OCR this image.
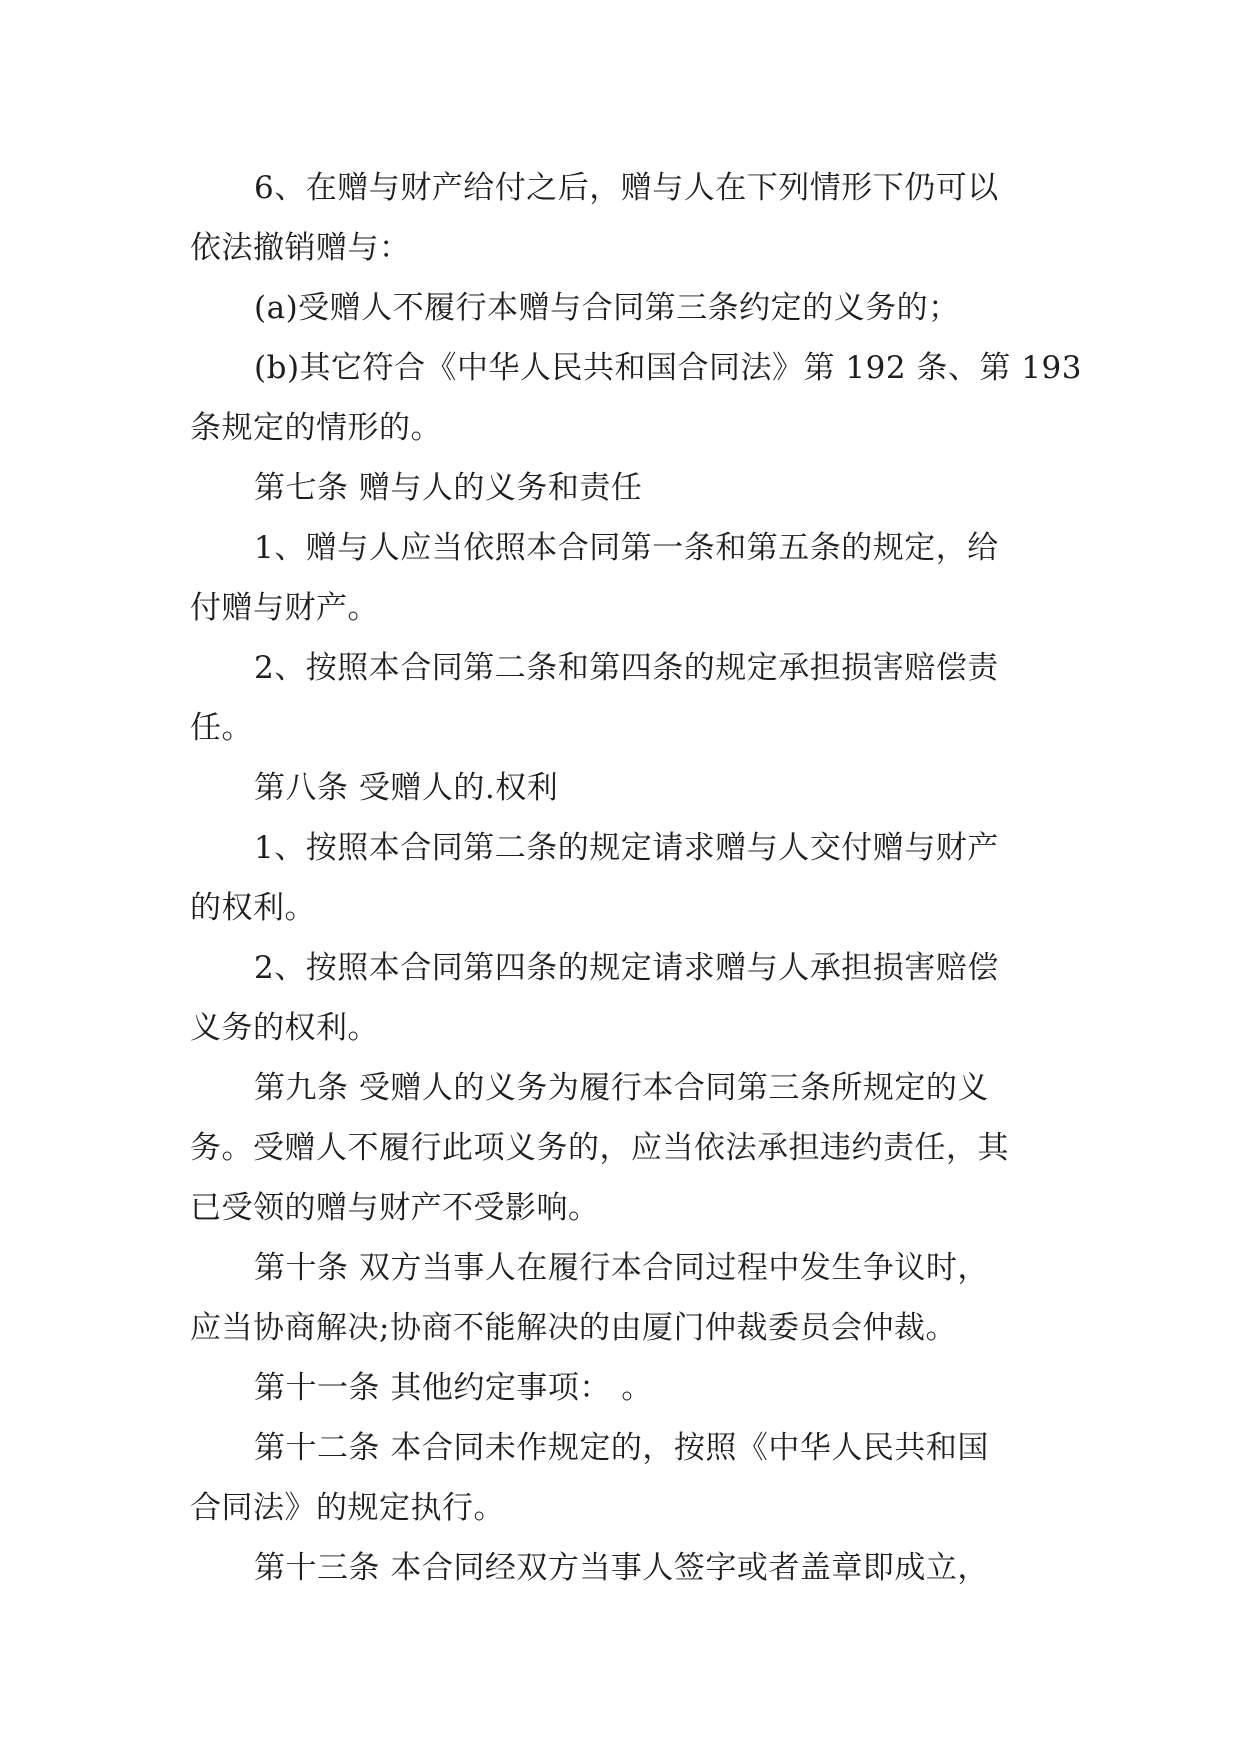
6、在赠与财产给付之后，赠与人在下列情形下仍可以

依法撤销赠与：

(a)受赠人不履行本赠与合同第三条约定的义务的；

(b)其它符合《中华人民共和国合同法》第 192 条、第 193

条规定的情形的。

第七条 赠与人的义务和责任

1、赠与人应当依照本合同第一条和第五条的规定，给

付赠与财产。

2、按照本合同第二条和第四条的规定承担损害赔偿责

任。

第八条 受赠人的.权利

1、按照本合同第二条的规定请求赠与人交付赠与财产

的权利。

2、按照本合同第四条的规定请求赠与人承担损害赔偿

义务的权利。

第九条 受赠人的义务为履行本合同第三条所规定的义

务。受赠人不履行此项义务的，应当依法承担违约责任，其

已受领的赠与财产不受影响。

第十条 双方当事人在履行本合同过程中发生争议时，

应当协商解决;协商不能解决的由厦门仲裁委员会仲裁。

第十一条 其他约定事项： 。

第十二条 本合同未作规定的，按照《中华人民共和国

合同法》的规定执行。

第十三条 本合同经双方当事人签字或者盖章即成立，
